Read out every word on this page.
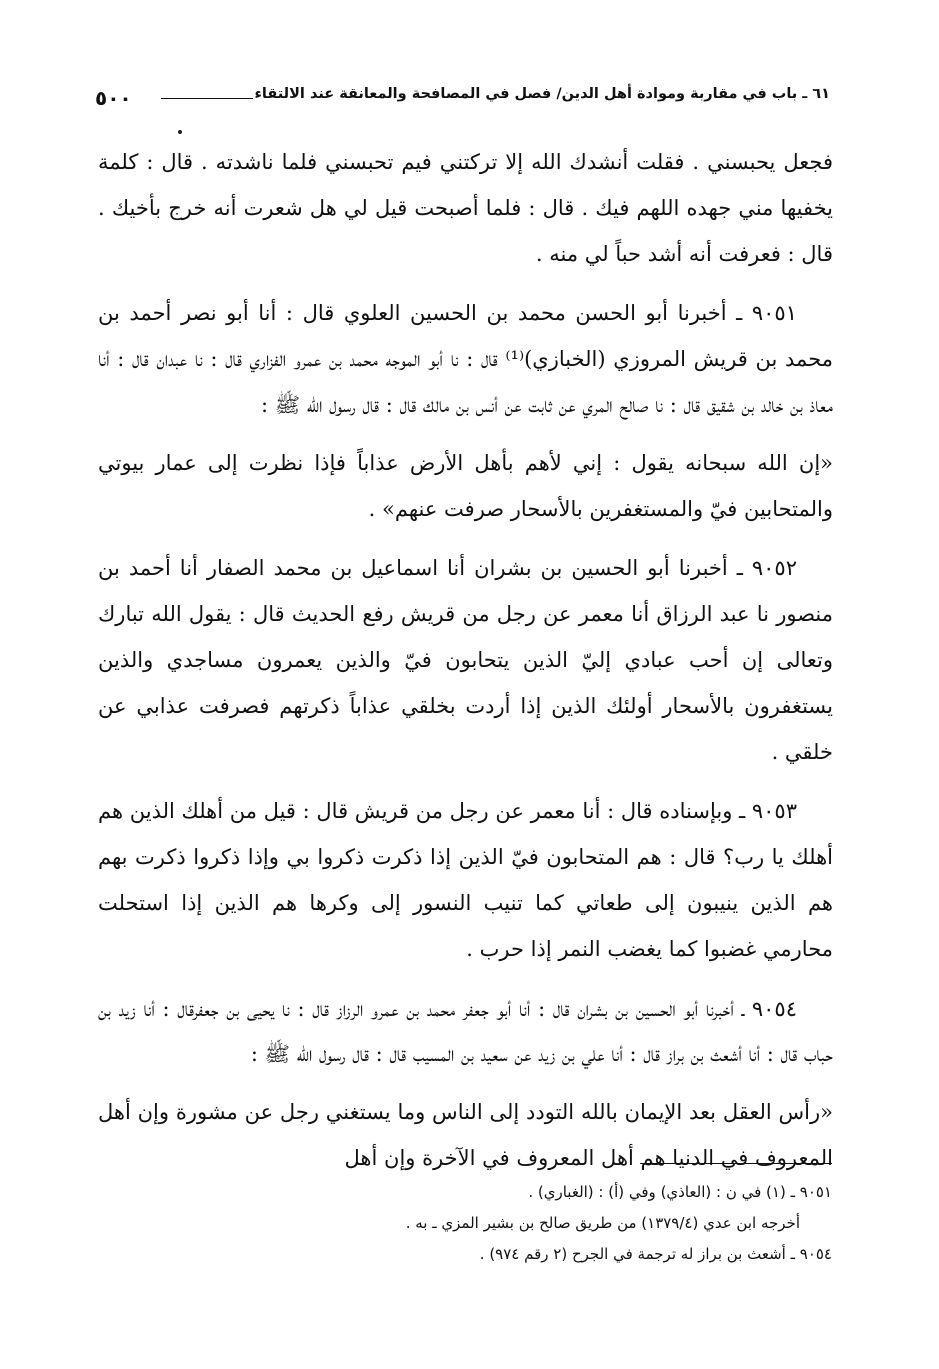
٥٠٠	٦١ ـ باب في مقاربة وموادة أهل الدين/ فصل في المصافحة والمعانقة عند الالتقاء

فجعل يحبسني . فقلت أنشدك الله إلا تركتني فيم تحبسني فلما ناشدته . قال : كلمة يخفيها مني جهده اللهم فيك . قال : فلما أصبحت قيل لي هل شعرت أنه خرج بأخيك . قال : فعرفت أنه أشد حباً لي منه .

٩٠٥١ ـ أخبرنا أبو الحسن محمد بن الحسين العلوي قال : أنا أبو نصر أحمد بن محمد بن قريش المروزي (الخبازي)⁽¹⁾ قال : نا أبو الموجه محمد بن عمرو الفزاري قال : نا عبدان قال : أنا معاذ بن خالد بن شقيق قال : نا صالح المري عن ثابت عن أنس بن مالك قال : قال رسول الله ﷺ :

«إن الله سبحانه يقول : إني لأهم بأهل الأرض عذاباً فإذا نظرت إلى عمار بيوتي والمتحابين فيّ والمستغفرين بالأسحار صرفت عنهم» .

٩٠٥٢ ـ أخبرنا أبو الحسين بن بشران أنا اسماعيل بن محمد الصفار أنا أحمد بن منصور نا عبد الرزاق أنا معمر عن رجل من قريش رفع الحديث قال : يقول الله تبارك وتعالى إن أحب عبادي إليّ الذين يتحابون فيّ والذين يعمرون مساجدي والذين يستغفرون بالأسحار أولئك الذين إذا أردت بخلقي عذاباً ذكرتهم فصرفت عذابي عن خلقي .

٩٠٥٣ ـ وبإسناده قال : أنا معمر عن رجل من قريش قال : قيل من أهلك الذين هم أهلك يا رب؟ قال : هم المتحابون فيّ الذين إذا ذكرت ذكروا بي وإذا ذكروا ذكرت بهم هم الذين ينيبون إلى طعاتي كما تنيب النسور إلى وكرها هم الذين إذا استحلت محارمي غضبوا كما يغضب النمر إذا حرب .

٩٠٥٤ ـ أخبرنا أبو الحسين بن بشران قال : أنا أبو جعفر محمد بن عمرو الرزاز قال : نا يحيى بن جعفرقال : أنا زيد بن حباب قال : أنا أشعث بن براز قال : أنا علي بن زيد عن سعيد بن المسيب قال : قال رسول الله ﷺ :

«رأس العقل بعد الإيمان بالله التودد إلى الناس وما يستغني رجل عن مشورة وإن أهل المعروف في الدنيا هم أهل المعروف في الآخرة وإن أهل

٩٠٥١ ـ (١) في ن : (العاذي) وفي (أ) : (الغباري) .

أخرجه ابن عدي (١٣٧٩/٤) من طريق صالح بن بشير المزي ـ به .

٩٠٥٤ ـ أشعث بن براز له ترجمة في الجرح (٢ رقم ٩٧٤) .
